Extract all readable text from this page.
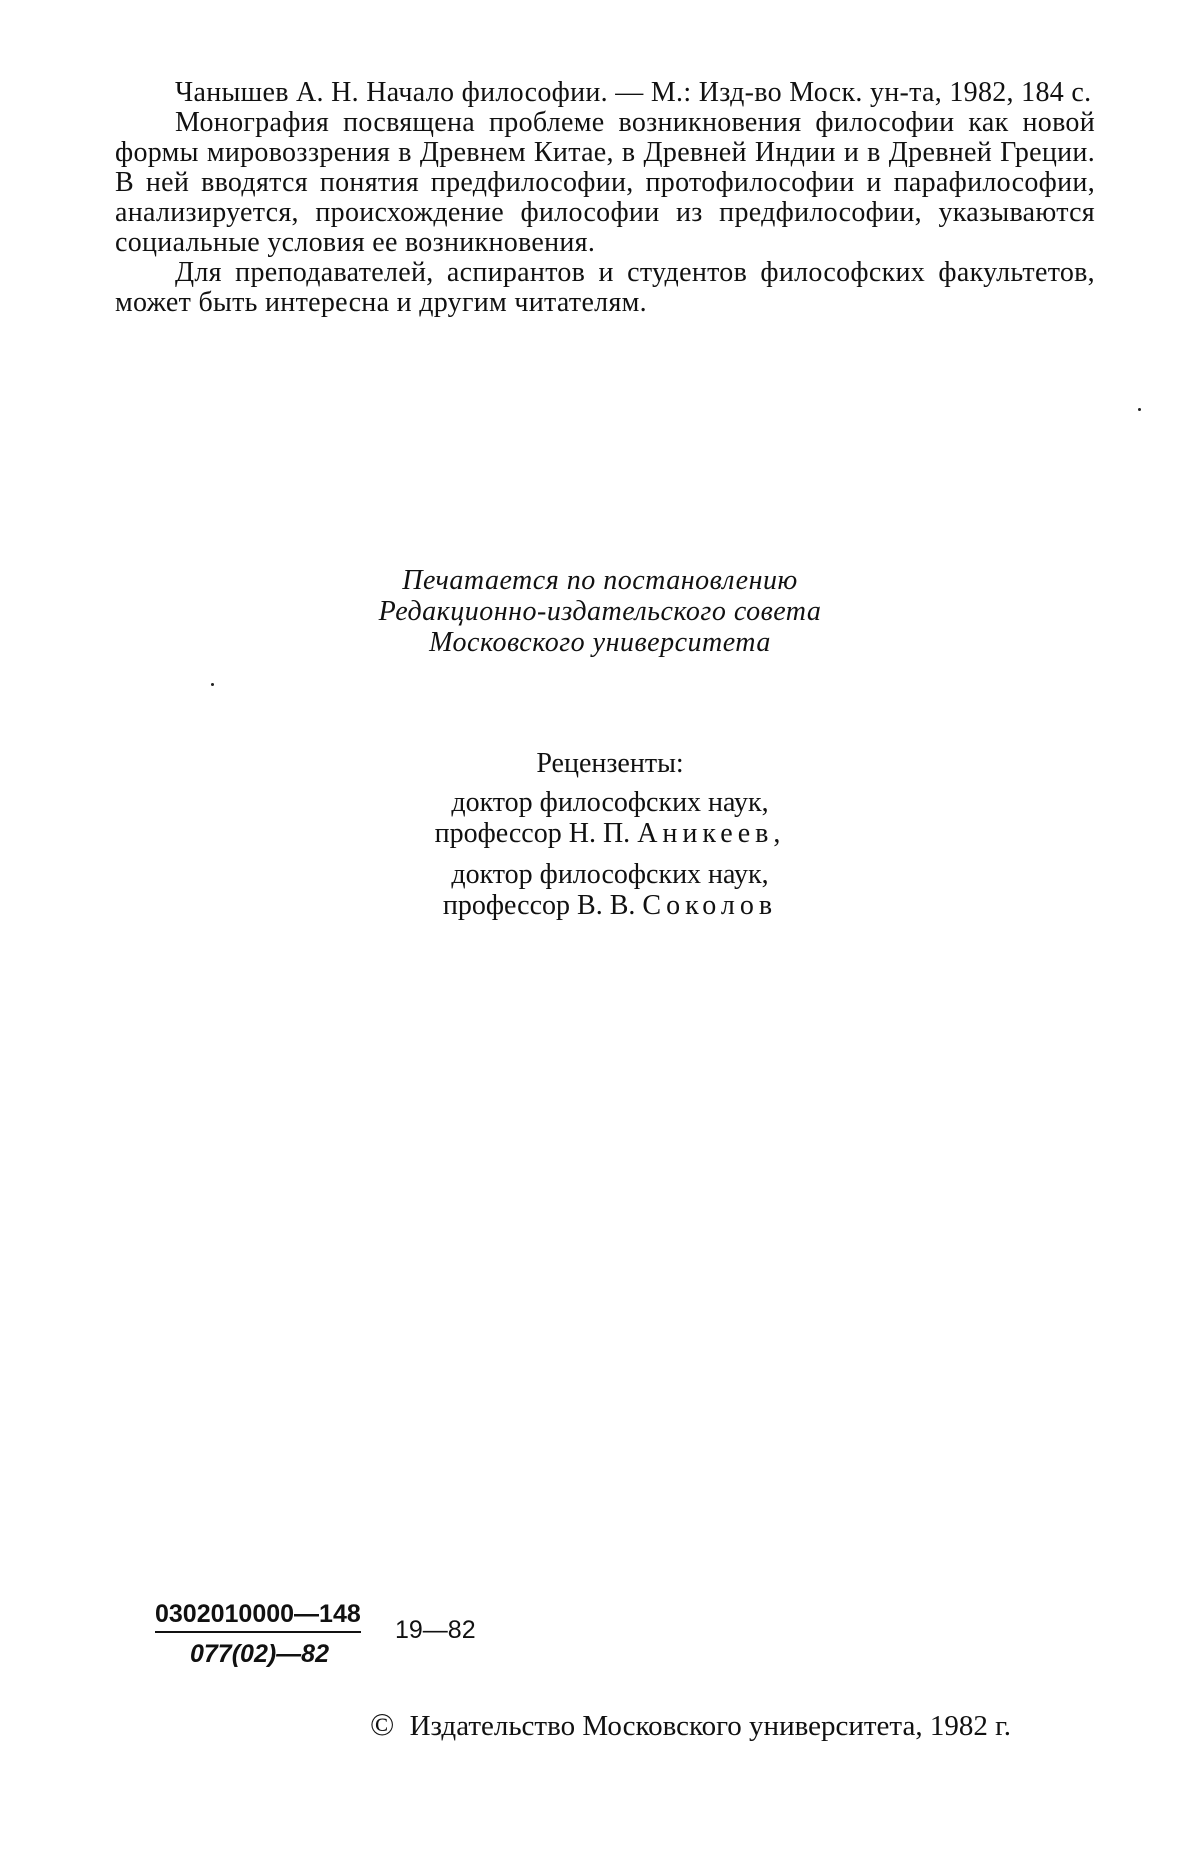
Чанышев А. Н. Начало философии. — М.: Изд-во Моск. ун-та, 1982, 184 с.

Монография посвящена проблеме возникновения философии как новой формы мировоззрения в Древнем Китае, в Древней Индии и в Древней Греции. В ней вводятся понятия предфилософии, протофилософии и парафилософии, анализируется, происхождение философии из предфилософии, указываются социальные условия ее возникновения.

Для преподавателей, аспирантов и студентов философских факультетов, может быть интересна и другим читателям.

Печатается по постановлению
Редакционно-издательского совета
Московского университета
Рецензенты:
доктор философских наук,
профессор Н. П. Аникеев,
доктор философских наук,
профессор В. В. Соколов
0302010000—148
077(02)—82
19—82
© Издательство Московского университета, 1982 г.
